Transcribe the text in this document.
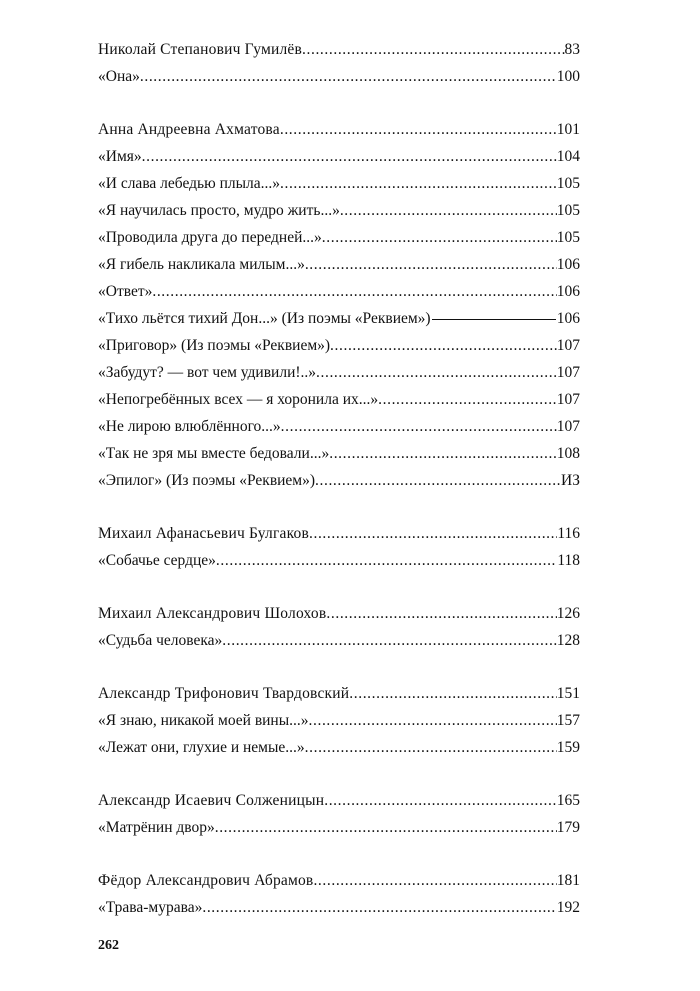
Николай Степанович Гумилёв .....	83
«Она» .....	100
Анна Андреевна Ахматова .....	101
«Имя» .....	104
«И слава лебедью плыла...» .....	105
«Я научилась просто, мудро жить...» .....	105
«Проводила друга до передней...» .....	105
«Я гибель накликала милым...» .....	106
«Ответ» .....	106
«Тихо льётся тихий Дон...» (Из поэмы «Реквием»)	106
«Приговор» (Из поэмы «Реквием») .....	107
«Забудут? — вот чем удивили!..» .....	107
«Непогребённых всех — я хоронила их...» .....	107
«Не лирою влюблённого...» .....	107
«Так не зря мы вместе бедовали...» .....	108
«Эпилог» (Из поэмы «Реквием») .....	ИЗ
Михаил Афанасьевич Булгаков .....	116
«Собачье сердце» .....	118
Михаил Александрович Шолохов .....	126
«Судьба человека» .....	128
Александр Трифонович Твардовский .....	151
«Я знаю, никакой моей вины...» .....	157
«Лежат они, глухие и немые...» .....	159
Александр Исаевич Солженицын .....	165
«Матрёнин двор» .....	179
Фёдор Александрович Абрамов .....	181
«Трава-мурава» .....	192
262
